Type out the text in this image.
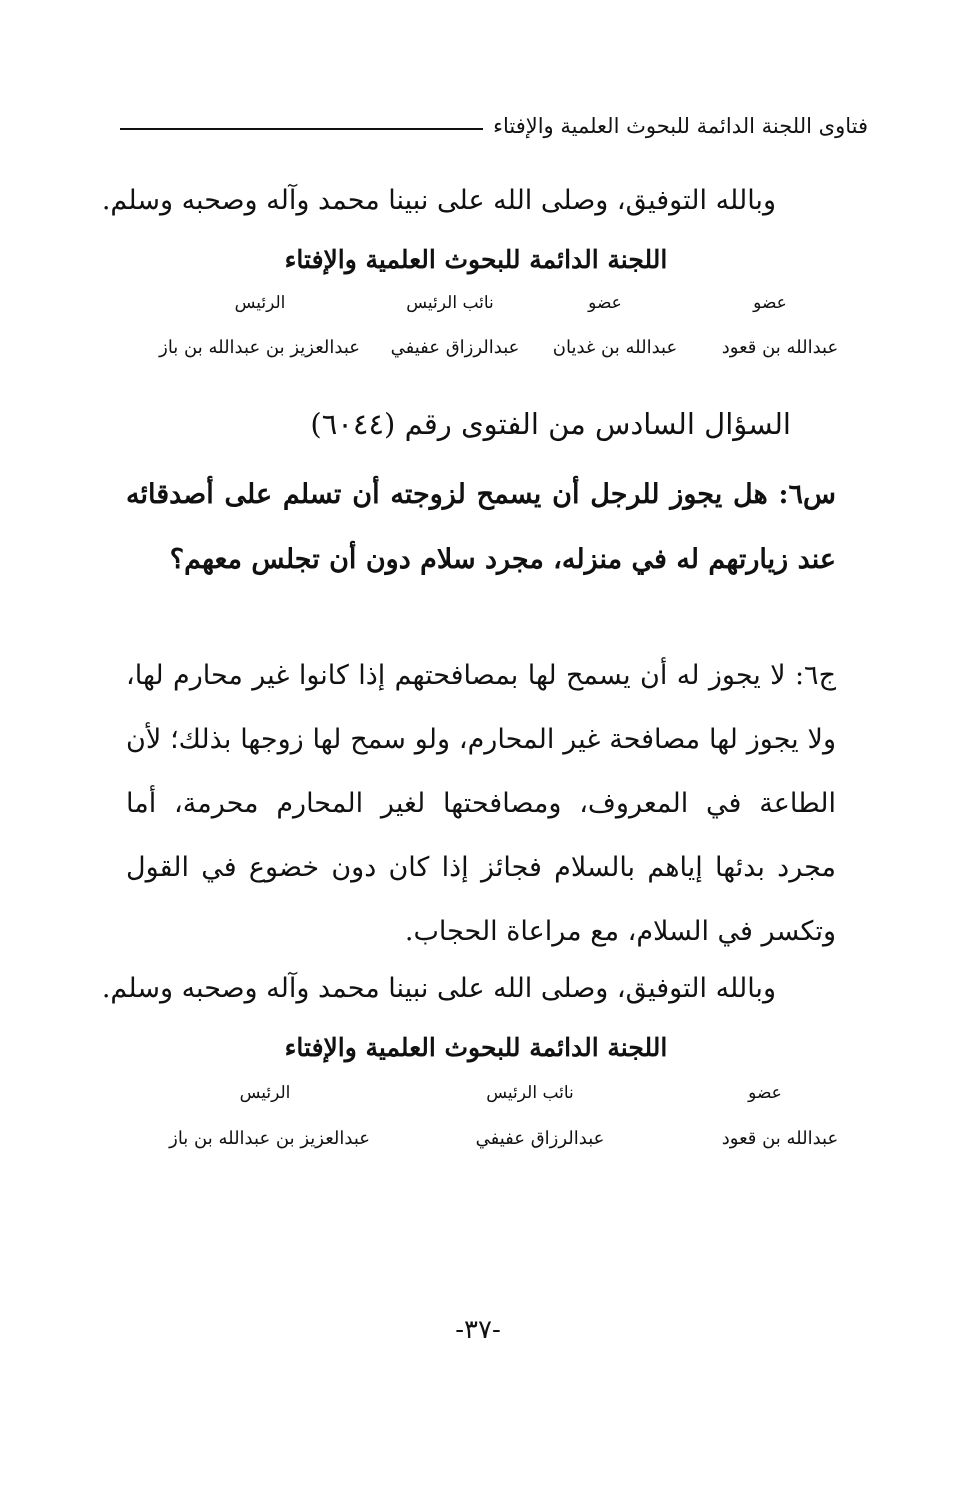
فتاوى اللجنة الدائمة للبحوث العلمية والإفتاء
وبالله التوفيق، وصلى الله على نبينا محمد وآله وصحبه وسلم.
اللجنة الدائمة للبحوث العلمية والإفتاء
عضو
عضو
نائب الرئيس
الرئيس
عبدالله بن قعود
عبدالله بن غديان
عبدالرزاق عفيفي
عبدالعزيز بن عبدالله بن باز
السؤال السادس من الفتوى رقم (٦٠٤٤)
س٦: هل يجوز للرجل أن يسمح لزوجته أن تسلم على أصدقائه عند زيارتهم له في منزله، مجرد سلام دون أن تجلس معهم؟
ج٦: لا يجوز له أن يسمح لها بمصافحتهم إذا كانوا غير محارم لها، ولا يجوز لها مصافحة غير المحارم، ولو سمح لها زوجها بذلك؛ لأن الطاعة في المعروف، ومصافحتها لغير المحارم محرمة، أما مجرد بدئها إياهم بالسلام فجائز إذا كان دون خضوع في القول وتكسر في السلام، مع مراعاة الحجاب.
وبالله التوفيق، وصلى الله على نبينا محمد وآله وصحبه وسلم.
اللجنة الدائمة للبحوث العلمية والإفتاء
عضو
نائب الرئيس
الرئيس
عبدالله بن قعود
عبدالرزاق عفيفي
عبدالعزيز بن عبدالله بن باز
-٣٧-
